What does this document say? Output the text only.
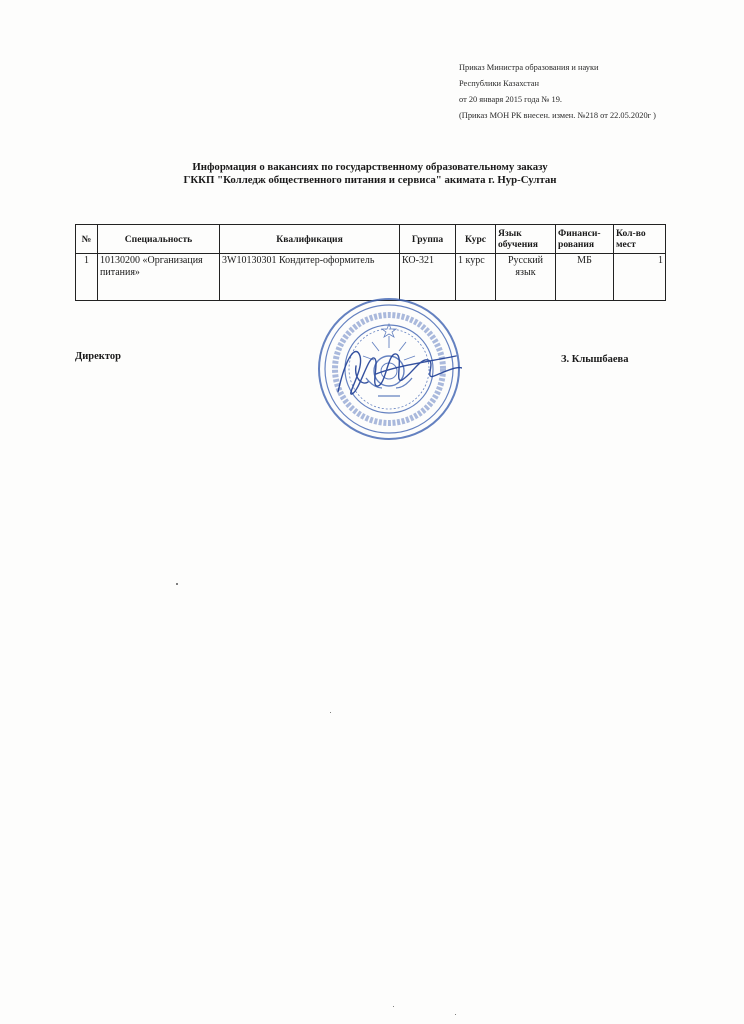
Приказ Министра образования и науки
Республики Казахстан
от 20 января 2015 года № 19.
(Приказ МОН РК внесен. измен. №218 от 22.05.2020г )
Информация о вакансиях по государственному образовательному заказу
ГККП "Колледж общественного питания и сервиса" акимата г. Нур-Султан
№	Специальность	Квалификация	Группа	Курс	Язык обучения	Финанси-рования	Кол-во мест
1	10130200 «Организация питания»	3W10130301 Кондитер-оформитель	КО-321	1 курс	Русский язык	МБ	1
Директор	З. Клышбаева
